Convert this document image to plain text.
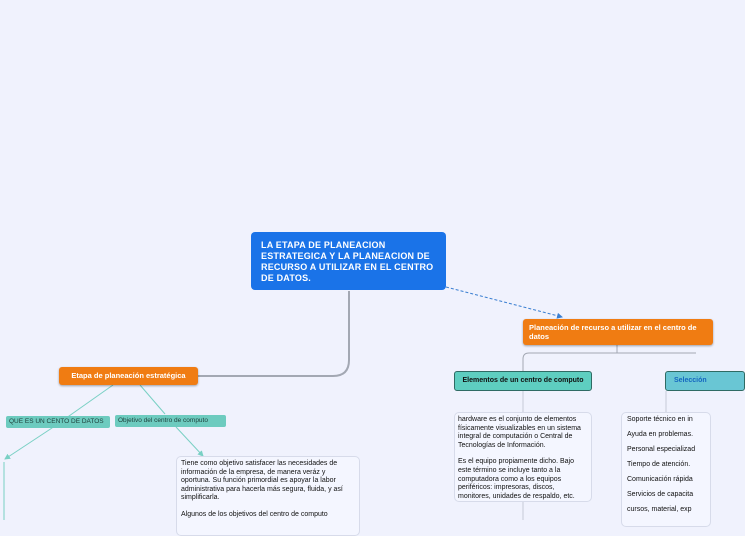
LA ETAPA DE PLANEACION ESTRATEGICA Y LA PLANEACION DE RECURSO A UTILIZAR EN EL CENTRO DE DATOS.
Etapa de planeación estratégica
Planeación de recurso a utilizar en el centro de datos
QUE ES UN CENTO DE DATOS	Objetivo del centro de computo
Tiene como objetivo satisfacer las necesidades de información de la empresa, de manera veráz y oportuna. Su función primordial es apoyar la labor administrativa para hacerla más segura, fluida, y así simplificarla.
Algunos de los objetivos del centro de computo
Elementos de un centro de computo	Selección
hardware es el conjunto de elementos físicamente visualizables en un sistema integral de computación o Central de Tecnologías de Información.
Es el equipo propiamente dicho. Bajo este término se incluye tanto a la computadora como a los equipos periféricos: impresoras, discos, monitores, unidades de respaldo, etc.
Soporte técnico en in
Ayuda en problemas.
Personal especializad
Tiempo de atención.
Comunicación rápida
Servicios de capacita
cursos, material, exp
